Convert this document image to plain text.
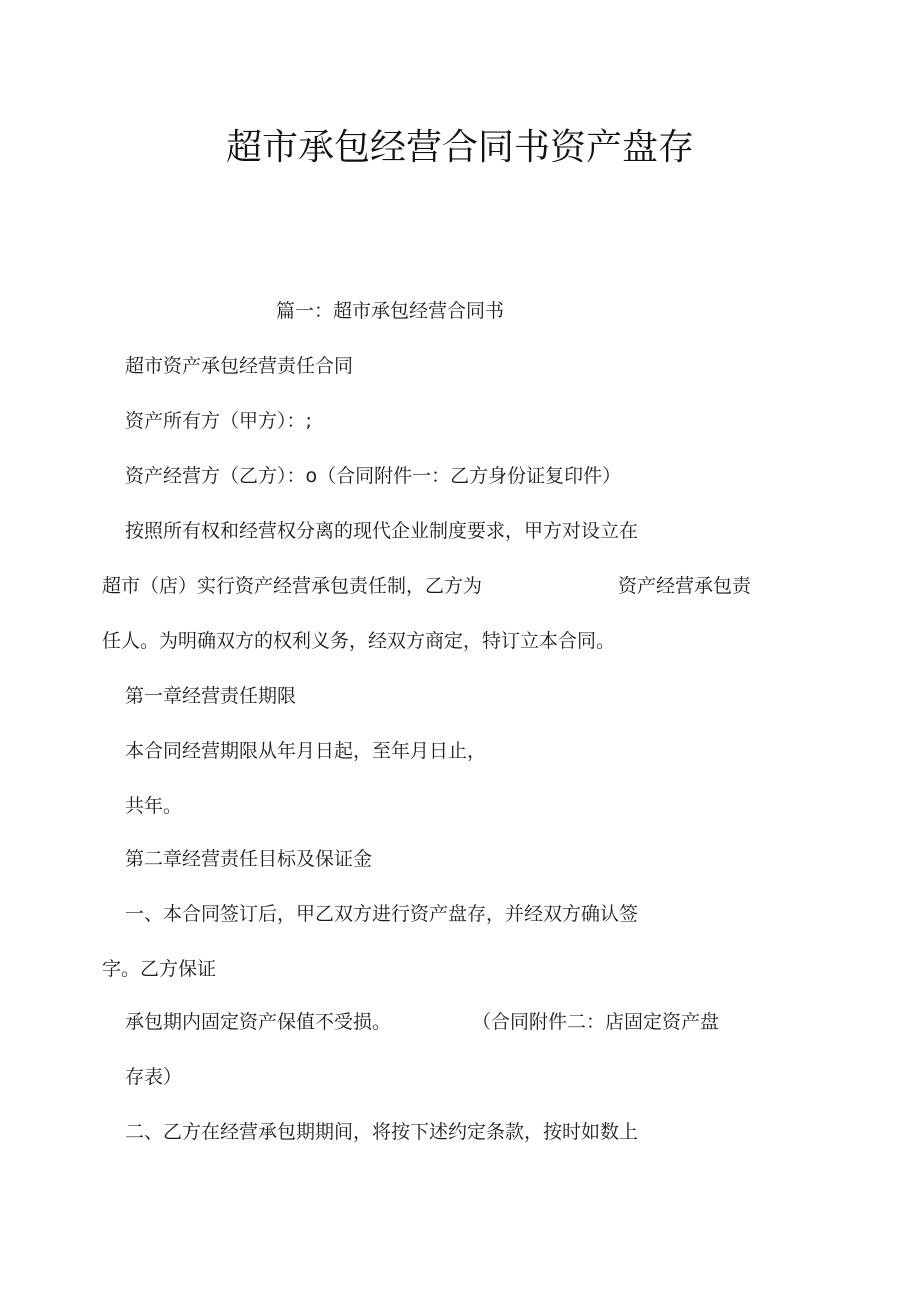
超市承包经营合同书资产盘存
篇一：超市承包经营合同书
超市资产承包经营责任合同
资产所有方（甲方）：;
资产经营方（乙方）：o（合同附件一：乙方身份证复印件）
按照所有权和经营权分离的现代企业制度要求，甲方对设立在
超市（店）实行资产经营承包责任制，乙方为	资产经营承包责
任人。为明确双方的权利义务，经双方商定，特订立本合同。
第一章经营责任期限
本合同经营期限从年月日起，至年月日止，
共年。
第二章经营责任目标及保证金
一、本合同签订后，甲乙双方进行资产盘存，并经双方确认签
字。乙方保证
承包期内固定资产保值不受损。	（合同附件二：店固定资产盘
存表）
二、乙方在经营承包期期间，将按下述约定条款，按时如数上
